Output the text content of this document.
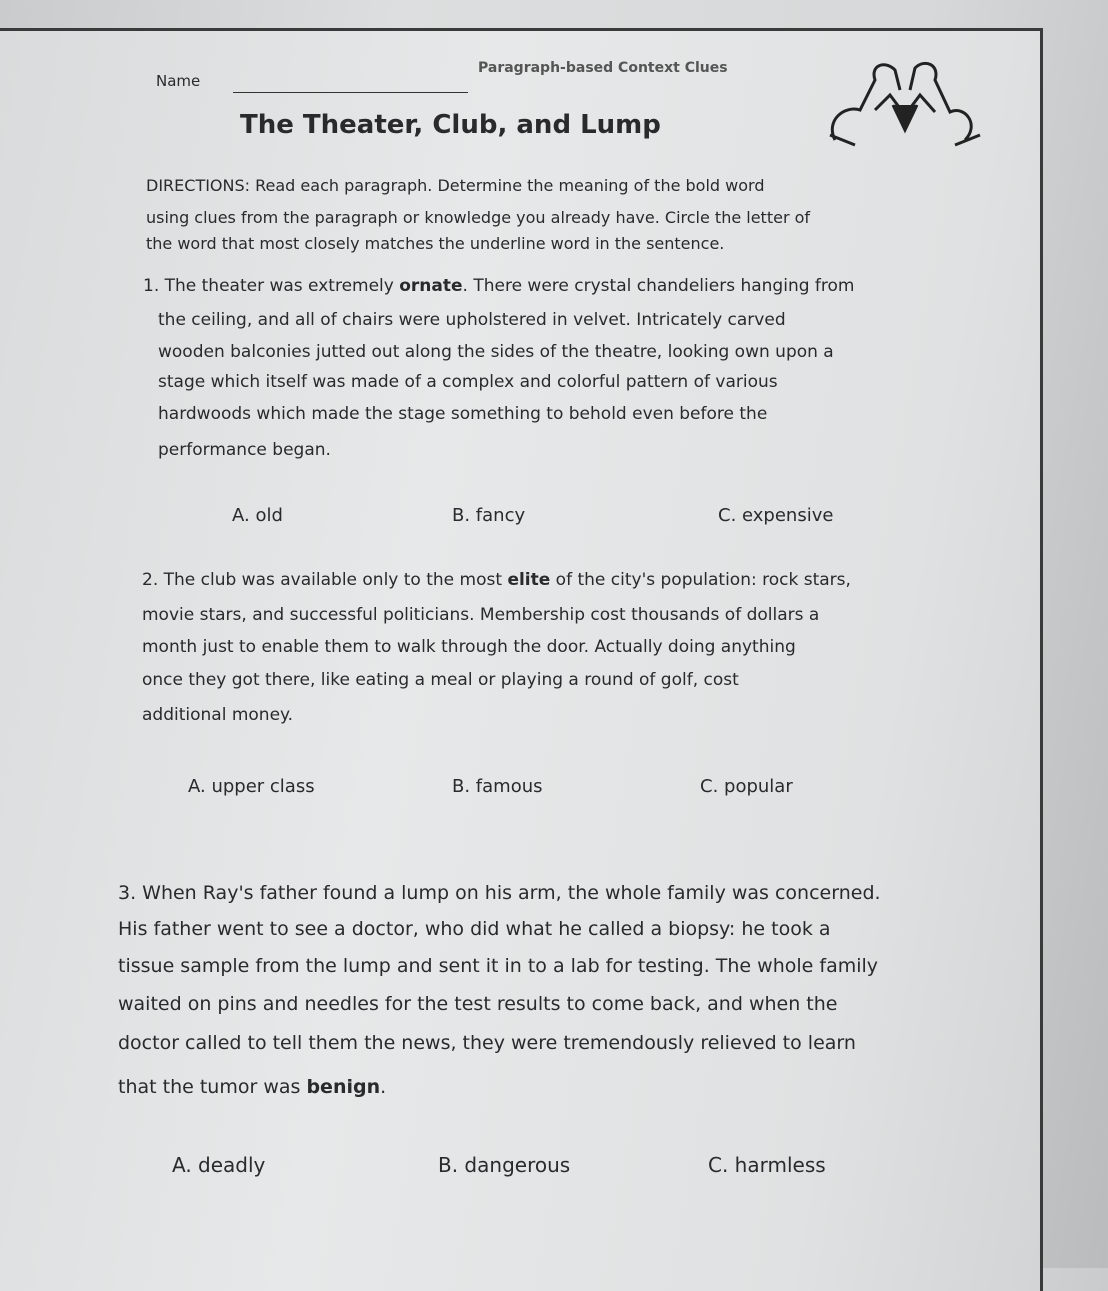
Name
Paragraph-based Context Clues
The Theater, Club, and Lump
DIRECTIONS: Read each paragraph. Determine the meaning of the bold word
using clues from the paragraph or knowledge you already have. Circle the letter of
the word that most closely matches the underline word in the sentence.
1. The theater was extremely ornate. There were crystal chandeliers hanging from
the ceiling, and all of chairs were upholstered in velvet. Intricately carved
wooden balconies jutted out along the sides of the theatre, looking own upon a
stage which itself was made of a complex and colorful pattern of various
hardwoods which made the stage something to behold even before the
performance began.
A. old	B. fancy	C. expensive
2. The club was available only to the most elite of the city's population: rock stars,
movie stars, and successful politicians. Membership cost thousands of dollars a
month just to enable them to walk through the door. Actually doing anything
once they got there, like eating a meal or playing a round of golf, cost
additional money.
A. upper class	B. famous	C. popular
3. When Ray's father found a lump on his arm, the whole family was concerned.
His father went to see a doctor, who did what he called a biopsy: he took a
tissue sample from the lump and sent it in to a lab for testing. The whole family
waited on pins and needles for the test results to come back, and when the
doctor called to tell them the news, they were tremendously relieved to learn
that the tumor was benign.
A. deadly	B. dangerous	C. harmless
